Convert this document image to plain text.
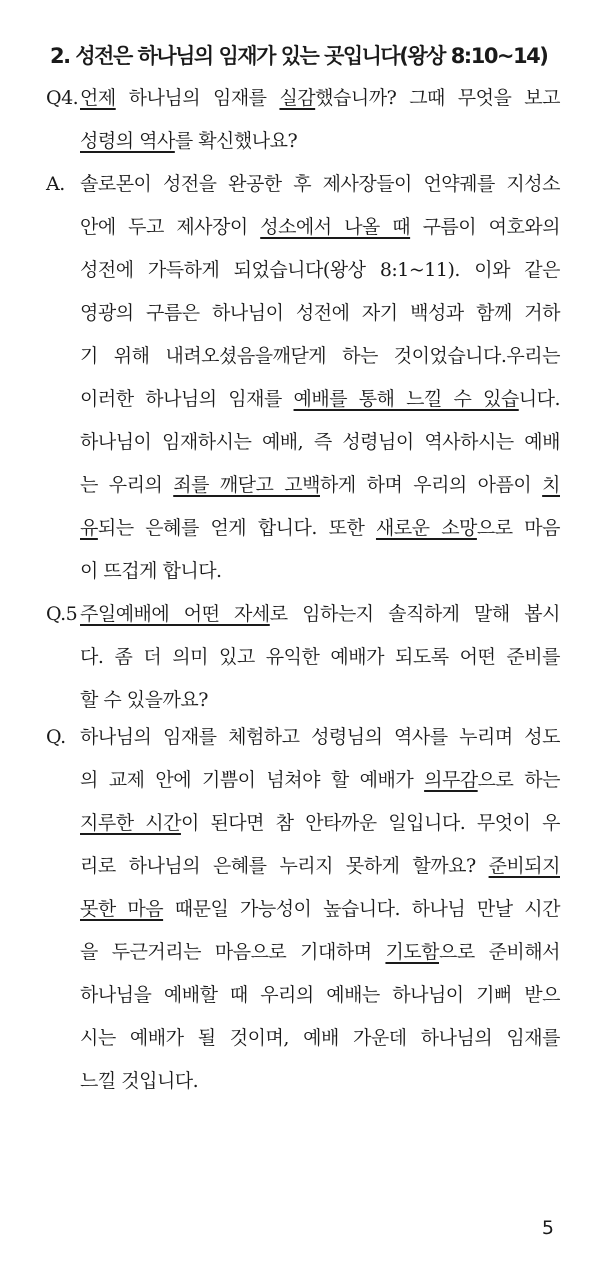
2. 성전은 하나님의 임재가 있는 곳입니다(왕상 8:10~14)
Q4. 언제 하나님의 임재를 실감했습니까? 그때 무엇을 보고
성령의 역사를 확신했나요?
A. 솔로몬이 성전을 완공한 후 제사장들이 언약궤를 지성소
안에 두고 제사장이 성소에서 나올 때 구름이 여호와의
성전에 가득하게 되었습니다(왕상 8:1~11). 이와 같은
영광의 구름은 하나님이 성전에 자기 백성과 함께 거하
기 위해 내려오셨음을깨닫게 하는 것이었습니다.우리는
이러한 하나님의 임재를 예배를 통해 느낄 수 있습니다.
하나님이 임재하시는 예배, 즉 성령님이 역사하시는 예배
는 우리의 죄를 깨닫고 고백하게 하며 우리의 아픔이 치
유되는 은혜를 얻게 합니다. 또한 새로운 소망으로 마음
이 뜨겁게 합니다.
Q.5 주일예배에 어떤 자세로 임하는지 솔직하게 말해 봅시
다. 좀 더 의미 있고 유익한 예배가 되도록 어떤 준비를
할 수 있을까요?
Q. 하나님의 임재를 체험하고 성령님의 역사를 누리며 성도
의 교제 안에 기쁨이 넘쳐야 할 예배가 의무감으로 하는
지루한 시간이 된다면 참 안타까운 일입니다. 무엇이 우
리로 하나님의 은혜를 누리지 못하게 할까요? 준비되지
못한 마음 때문일 가능성이 높습니다. 하나님 만날 시간
을 두근거리는 마음으로 기대하며 기도함으로 준비해서
하나님을 예배할 때 우리의 예배는 하나님이 기뻐 받으
시는 예배가 될 것이며, 예배 가운데 하나님의 임재를
느낄 것입니다.
5
